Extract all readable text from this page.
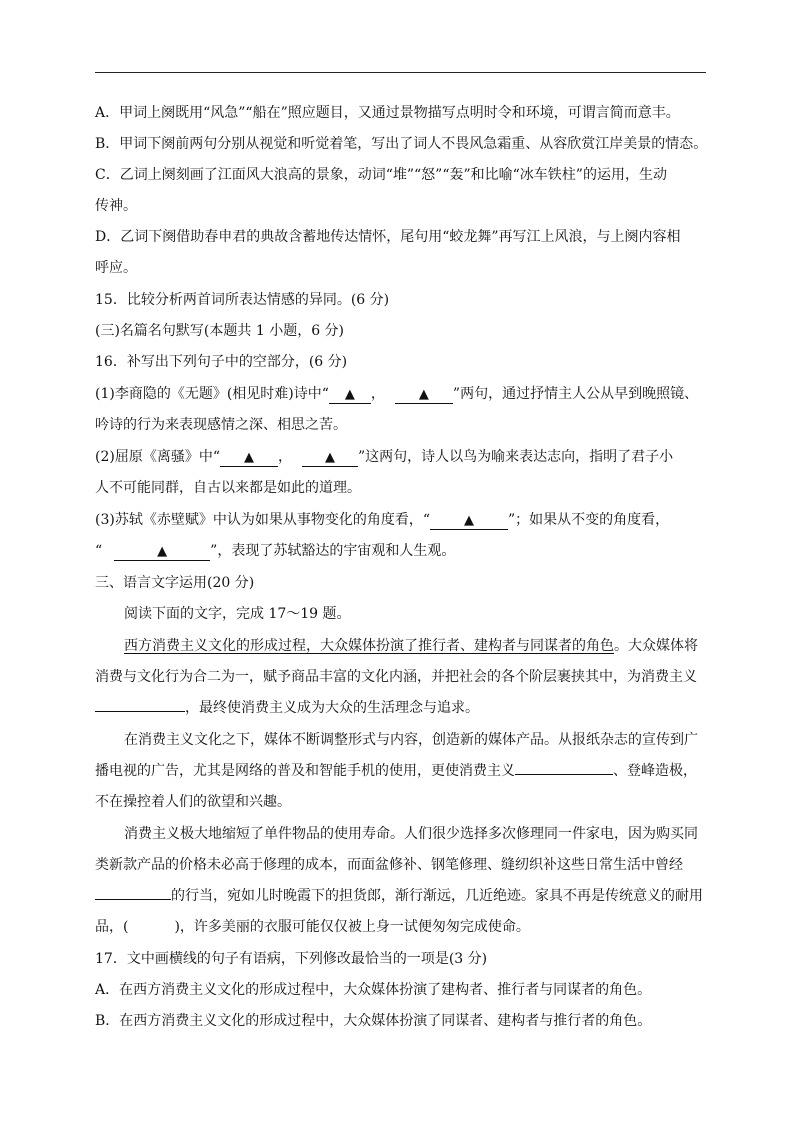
A．甲词上阕既用“风急”“船在”照应题目，又通过景物描写点明时令和环境，可谓言简而意丰。
B．甲词下阕前两句分别从视觉和听觉着笔，写出了词人不畏风急霜重、从容欣赏江岸美景的情态。
C．乙词上阕刻画了江面风大浪高的景象，动词“堆”“怒”“轰”和比喻“冰车铁柱”的运用，生动
传神。
D．乙词下阕借助春申君的典故含蓄地传达情怀，尾句用“蛟龙舞”再写江上风浪，与上阕内容相
呼应。
15．比较分析两首词所表达情感的异同。(6 分)
(三)名篇名句默写(本题共 1 小题，6 分)
16．补写出下列句子中的空部分，(6 分)
(1)李商隐的《无题》(相见时难)诗中“ ▲ ，	▲ ”两句，通过抒情主人公从早到晚照镜、
吟诗的行为来表现感情之深、相思之苦。
(2)屈原《离骚》中“ ▲ ，	▲ ”这两句，诗人以鸟为喻来表达志向，指明了君子小
人不可能同群，自古以来都是如此的道理。
(3)苏轼《赤壁赋》中认为如果从事物变化的角度看，“	▲ ”；如果从不变的角度看，
“	▲	”，表现了苏轼豁达的宇宙观和人生观。
三、语言文字运用(20 分)
阅读下面的文字，完成 17～19 题。
西方消费主义文化的形成过程，大众媒体扮演了推行者、建构者与同谋者的角色。大众媒体将
消费与文化行为合二为一，赋予商品丰富的文化内涵，并把社会的各个阶层裹挟其中，为消费主义
，最终使消费主义成为大众的生活理念与追求。
在消费主义文化之下，媒体不断调整形式与内容，创造新的媒体产品。从报纸杂志的宣传到广
播电视的广告，尤其是网络的普及和智能手机的使用，更使消费主义	、登峰造极，
不在操控着人们的欲望和兴趣。
消费主义极大地缩短了单件物品的使用寿命。人们很少选择多次修理同一件家电，因为购买同
类新款产品的价格未必高于修理的成本，而面盆修补、钢笔修理、缝纫织补这些日常生活中曾经
的行当，宛如儿时晚霞下的担货郎，渐行渐远，几近绝迹。家具不再是传统意义的耐用
品，(	)，许多美丽的衣服可能仅仅被上身一试便匆匆完成使命。
17．文中画横线的句子有语病，下列修改最恰当的一项是(3 分)
A．在西方消费主义文化的形成过程中，大众媒体扮演了建构者、推行者与同谋者的角色。
B．在西方消费主义文化的形成过程中，大众媒体扮演了同谋者、建构者与推行者的角色。
